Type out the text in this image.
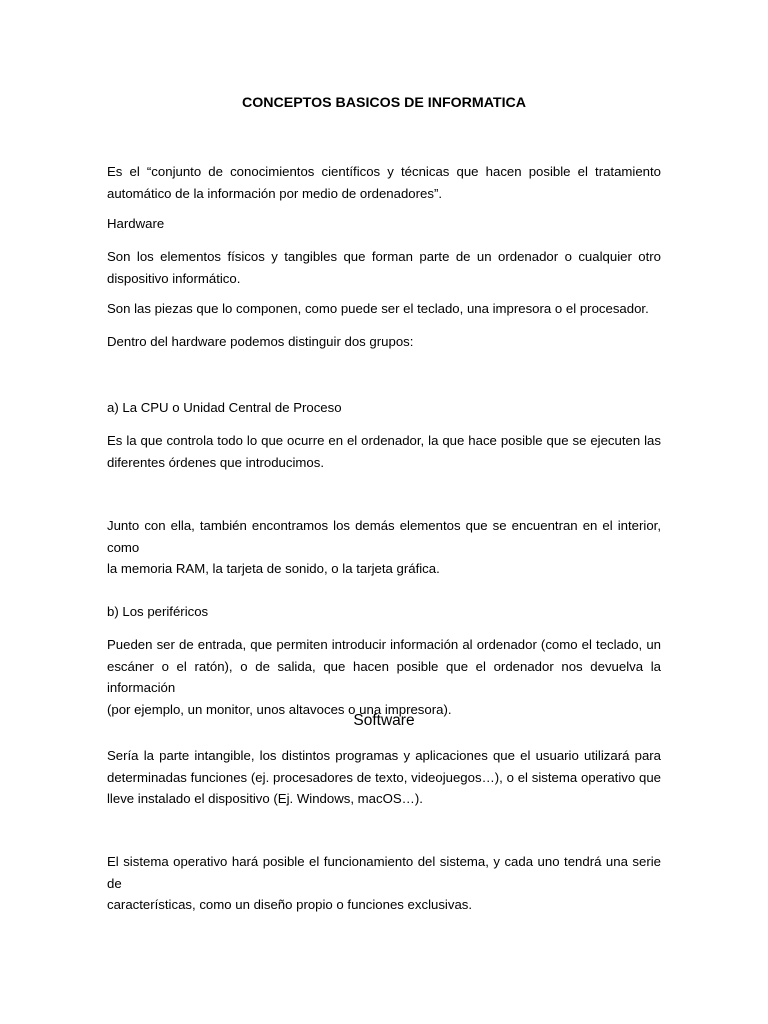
CONCEPTOS BASICOS DE INFORMATICA

Es el “conjunto de conocimientos científicos y técnicas que hacen posible el tratamiento
automático de la información por medio de ordenadores”.

Hardware

Son los elementos físicos y tangibles que forman parte de un ordenador o cualquier otro
dispositivo informático.

Son las piezas que lo componen, como puede ser el teclado, una impresora o el procesador.

Dentro del hardware podemos distinguir dos grupos:

a) La CPU o Unidad Central de Proceso

Es la que controla todo lo que ocurre en el ordenador, la que hace posible que se ejecuten las
diferentes órdenes que introducimos.

Junto con ella, también encontramos los demás elementos que se encuentran en el interior, como
la memoria RAM, la tarjeta de sonido, o la tarjeta gráfica.

b) Los periféricos

Pueden ser de entrada, que permiten introducir información al ordenador (como el teclado, un
escáner o el ratón), o de salida, que hacen posible que el ordenador nos devuelva la información
(por ejemplo, un monitor, unos altavoces o una impresora).

Software

Sería la parte intangible, los distintos programas y aplicaciones que el usuario utilizará para
determinadas funciones (ej. procesadores de texto, videojuegos…), o el sistema operativo que
lleve instalado el dispositivo (Ej. Windows, macOS…).

El sistema operativo hará posible el funcionamiento del sistema, y cada uno tendrá una serie de
características, como un diseño propio o funciones exclusivas.
